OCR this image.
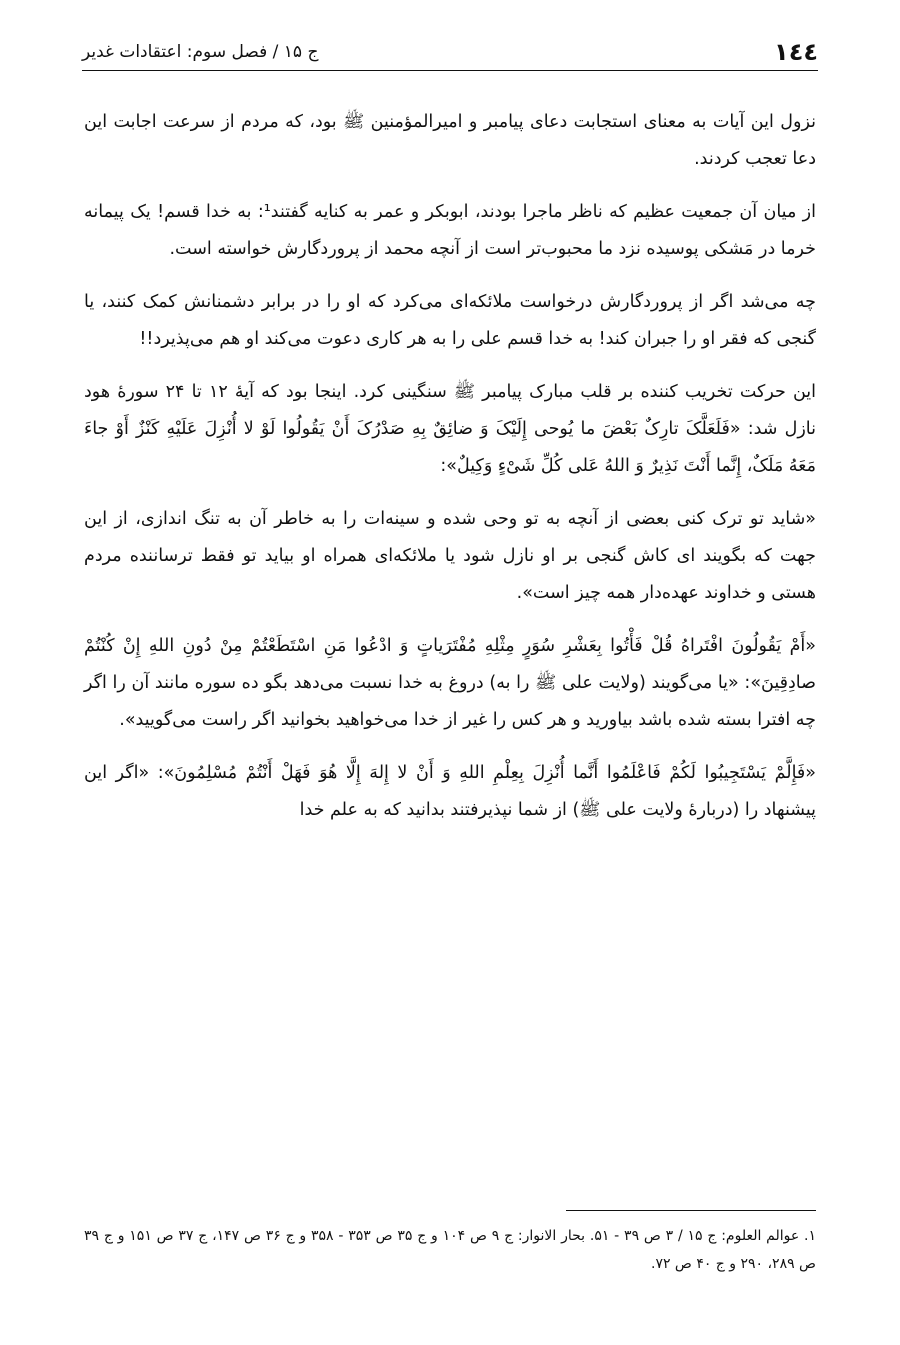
١٤٤
ج ۱۵ / فصل سوم: اعتقادات غدیر

نزول این آیات به معنای استجابت دعای پیامبر و امیرالمؤمنین ﷺ بود، که مردم از سرعت اجابت این دعا تعجب کردند.

از میان آن جمعیت عظیم که ناظر ماجرا بودند، ابوبکر و عمر به کنایه گفتند¹: به خدا قسم! یک پیمانه خرما در مَشکی پوسیده نزد ما محبوب‌تر است از آنچه محمد از پروردگارش خواسته است.

چه می‌شد اگر از پروردگارش درخواست ملائکه‌ای می‌کرد که او را در برابر دشمنانش کمک کنند، یا گنجی که فقر او را جبران کند! به خدا قسم علی را به هر کاری دعوت می‌کند او هم می‌پذیرد!!

این حرکت تخریب کننده بر قلب مبارک پیامبر ﷺ سنگینی کرد. اینجا بود که آیهٔ ۱۲ تا ۲۴ سورهٔ هود نازل شد: «فَلَعَلَّکَ تارِکٌ بَعْضَ ما یُوحی إِلَیْکَ وَ ضائِقٌ بِهِ صَدْرُکَ أَنْ یَقُولُوا لَوْ لا أُنْزِلَ عَلَیْهِ کَنْزٌ أَوْ جاءَ مَعَهُ مَلَکٌ، إِنَّما أَنْتَ نَذِیرٌ وَ اللهُ عَلی کُلِّ شَیْءٍ وَکِیلٌ»:

«شاید تو ترک کنی بعضی از آنچه به تو وحی شده و سینه‌ات را به خاطر آن به تنگ اندازی، از این جهت که بگویند ای کاش گنجی بر او نازل شود یا ملائکه‌ای همراه او بیاید تو فقط ترساننده مردم هستی و خداوند عهده‌دار همه چیز است».

«أَمْ یَقُولُونَ افْتَراهُ قُلْ فَأْتُوا بِعَشْرِ سُوَرٍ مِثْلِهِ مُفْتَرَیاتٍ وَ ادْعُوا مَنِ اسْتَطَعْتُمْ مِنْ دُونِ اللهِ إِنْ کُنْتُمْ صادِقِینَ»: «یا می‌گویند (ولایت علی ﷺ را به) دروغ به خدا نسبت می‌دهد بگو ده سوره مانند آن را اگر چه افترا بسته شده باشد بیاورید و هر کس را غیر از خدا می‌خواهید بخوانید اگر راست می‌گویید».

«فَإِلَّمْ یَسْتَجِیبُوا لَکُمْ فَاعْلَمُوا أَنَّما أُنْزِلَ بِعِلْمِ اللهِ وَ أَنْ لا إِلهَ إِلَّا هُوَ فَهَلْ أَنْتُمْ مُسْلِمُونَ»: «اگر این پیشنهاد را (دربارهٔ ولایت علی ﷺ) از شما نپذیرفتند بدانید که به علم خدا

۱. عوالم العلوم: ج ۱۵ / ۳ ص ۳۹ - ۵۱. بحار الانوار: ج ۹ ص ۱۰۴ و ج ۳۵ ص ۳۵۳ - ۳۵۸ و ج ۳۶ ص ۱۴۷، ج ۳۷ ص ۱۵۱ و ج ۳۹ ص ۲۸۹، ۲۹۰ و ج ۴۰ ص ۷۲.
